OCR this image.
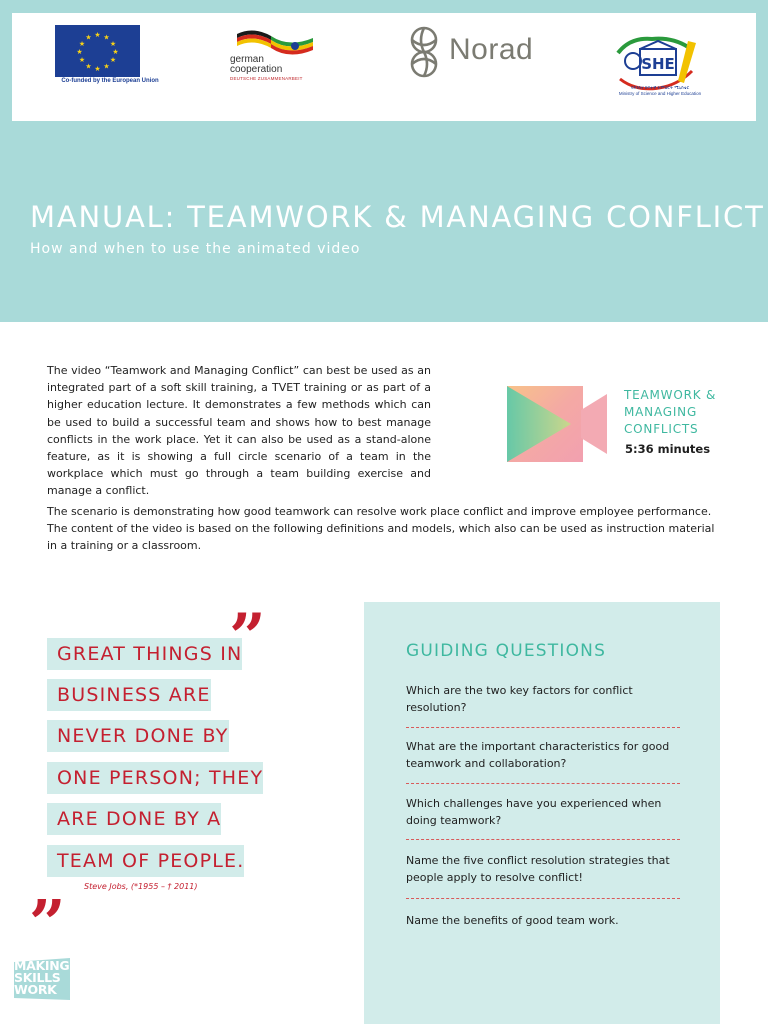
★ ★
★
★
★
★
★
★
★
★
★
★
Co-funded by the European Union
german
cooperation
DEUTSCHE ZUSAMMENARBEIT
Norad	SHE
ሳይንስና ከፍተኛ ትምህርት ሚኒስቴር
Ministry of Science and Higher Education
MANUAL: TEAMWORK & MANAGING CONFLICT
How and when to use the animated video

The video “Teamwork and Managing Conflict” can best be used as an integrated part of a soft skill training, a TVET training or as part of a higher education lecture. It demonstrates a few methods which can be used to build a successful team and shows how to best manage conflicts in the work place. Yet it can also be used as a stand-alone feature, as it is showing a full circle scenario of a team in the workplace which must go through a team building exercise and manage a conflict.

The scenario is demonstrating how good teamwork can resolve work place conflict and improve employee performance. The content of the video is based on the following definitions and models, which also can be used as instruction material in a training or a classroom.

TEAMWORK &
MANAGING
CONFLICTS
5:36 minutes
GREAT THINGS IN
BUSINESS ARE
NEVER DONE BY
ONE PERSON; THEY
ARE DONE BY A
TEAM OF PEOPLE.
”
„ Steve Jobs, (*1955 – † 2011)
GUIDING QUESTIONS
Which are the two key factors for conflict resolution?
What are the important characteristics for good teamwork and collaboration?
Which challenges have you experienced when doing teamwork?
Name the five conflict resolution strategies that people apply to resolve conflict!
Name the benefits of good team work.
MAKING
SKILLS
WORK
